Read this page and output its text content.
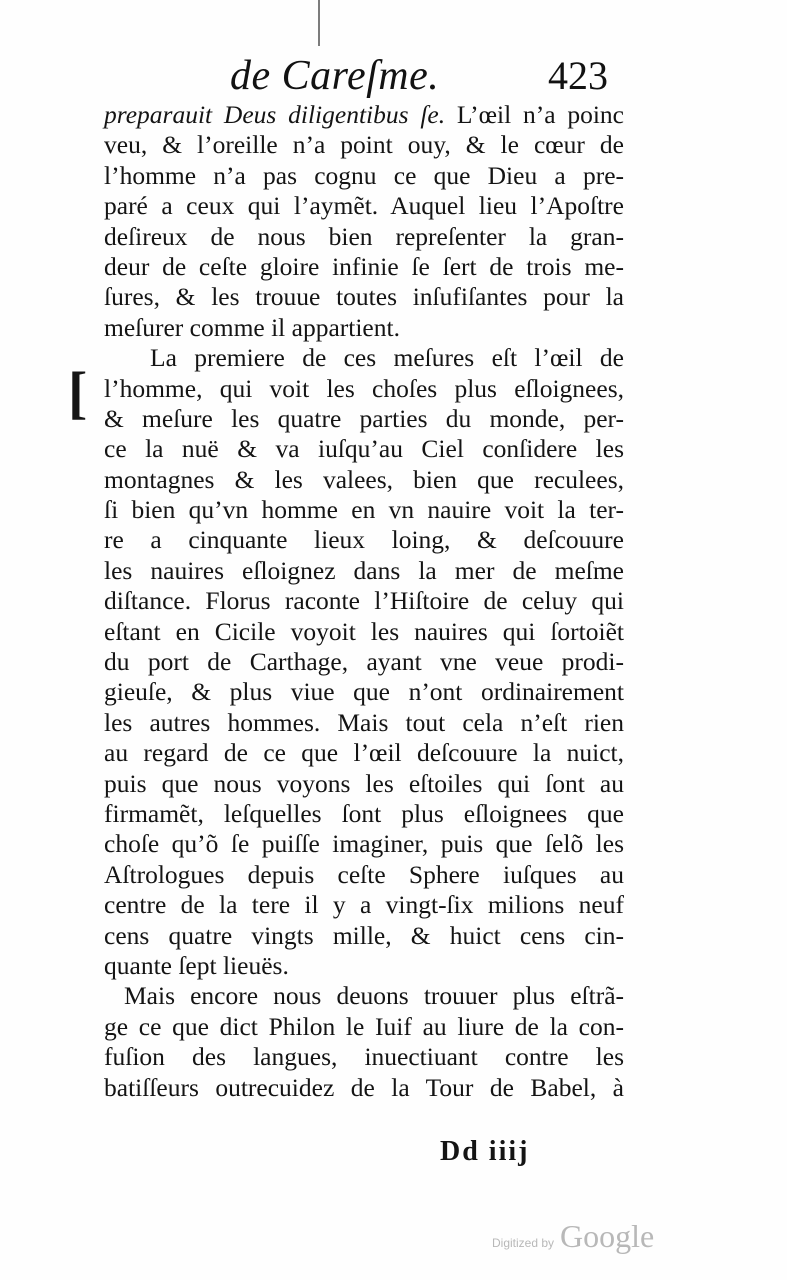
de Careſme.	423
[
preparauit Deus diligentibus ſe. L’œil n’a poinc
veu, & l’oreille n’a point ouy, & le cœur de
l’homme n’a pas cognu ce que Dieu a pre-
paré a ceux qui l’aymẽt. Auquel lieu l’Apoſtre
deſireux de nous bien repreſenter la gran-
deur de ceſte gloire infinie ſe ſert de trois me-
ſures, & les trouue toutes inſufiſantes pour la
meſurer comme il appartient.
La premiere de ces meſures eſt l’œil de
l’homme, qui voit les choſes plus eſloignees,
& meſure les quatre parties du monde, per-
ce la nuë & va iuſqu’au Ciel conſidere les
montagnes & les valees, bien que reculees,
ſi bien qu’vn homme en vn nauire voit la ter-
re a cinquante lieux loing, & deſcouure
les nauires eſloignez dans la mer de meſme
diſtance. Florus raconte l’Hiſtoire de celuy qui
eſtant en Cicile voyoit les nauires qui ſortoiẽt
du port de Carthage, ayant vne veue prodi-
gieuſe, & plus viue que n’ont ordinairement
les autres hommes. Mais tout cela n’eſt rien
au regard de ce que l’œil deſcouure la nuict,
puis que nous voyons les eſtoiles qui ſont au
firmamẽt, leſquelles ſont plus eſloignees que
choſe qu’õ ſe puiſſe imaginer, puis que ſelõ les
Aſtrologues depuis ceſte Sphere iuſques au
centre de la tere il y a vingt-ſix milions neuf
cens quatre vingts mille, & huict cens cin-
quante ſept lieuës.
Mais encore nous deuons trouuer plus eſtrã-
ge ce que dict Philon le Iuif au liure de la con-
fuſion des langues, inuectiuant contre les
batiſſeurs outrecuidez de la Tour de Babel, à
Dd iiij
Digitized by Google
